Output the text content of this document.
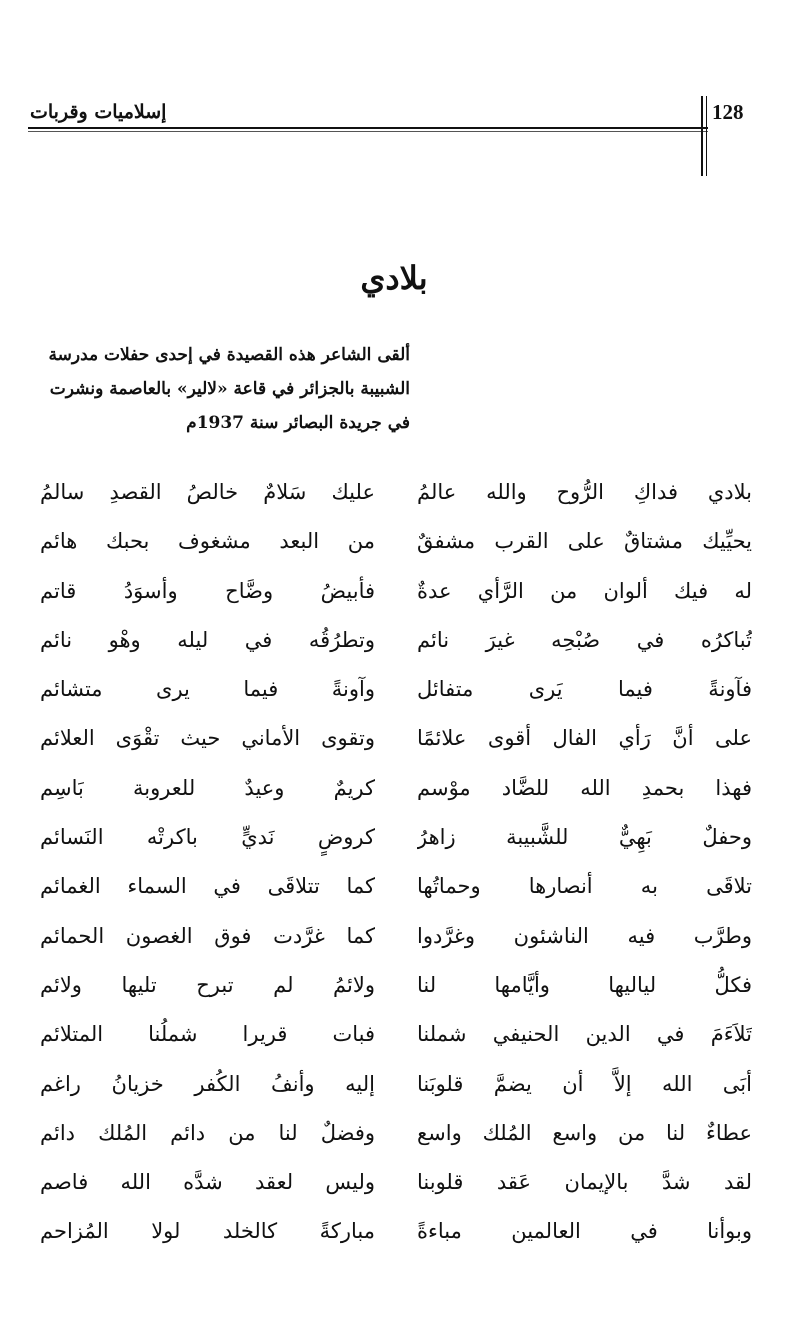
إسلاميات وقربات	128
بلادي
ألقى الشاعر هذه القصيدة في إحدى حفلات مدرسة
الشبيبة بالجزائر في قاعة «لالير» بالعاصمة ونشرت
في جريدة البصائر سنة 1937م
بلادي فداكِ الرُّوح والله عالمُ
عليك سَلامٌ خالصُ القصدِ سالمُ
يحيِّيك مشتاقٌ على القرب مشفقٌ
من البعد مشغوف بحبك هائم
له فيك ألوان من الرَّأي عدةٌ
فأبيضُ وضَّاح وأسوَدُ قاتم
تُباكرُه في صُبْحِه غيرَ نائم
وتطرُقُه في ليله وهْو نائم
فآونةً فيما يَرى متفائل
وآونةً فيما يرى متشائم
على أنَّ رَأي الفال أقوى علائمًا
وتقوى الأماني حيث تقْوَى العلائم
فهذا بحمدِ الله للضَّاد موْسم
كريمٌ وعيدٌ للعروبة بَاسِم
وحفلٌ بَهِيٌّ للشَّبيبة زاهرُ
كروضٍ نَديٍّ باكرتْه النَسائم
تلاقَى به أنصارها وحماتُها
كما تتلاقَى في السماء الغمائم
وطرَّب فيه الناشئون وغرَّدوا
كما غرَّدت فوق الغصون الحمائم
فكلُّ لياليها وأيَّامها لنا
ولائمُ لم تبرح تليها ولائم
تَلاَءَمَ في الدين الحنيفي شملنا
فبات قريرا شملُنا المتلائم
أبَى الله إلاَّ أن يضمَّ قلوبَنا
إليه وأنفُ الكُفر خزيانُ راغم
عطاءٌ لنا من واسع المُلك واسع
وفضلٌ لنا من دائم المُلك دائم
لقد شدَّ بالإيمان عَقد قلوبنا
وليس لعقد شدَّه الله فاصم
وبوأنا في العالمين مباءةً
مباركةً كالخلد لولا المُزاحم
